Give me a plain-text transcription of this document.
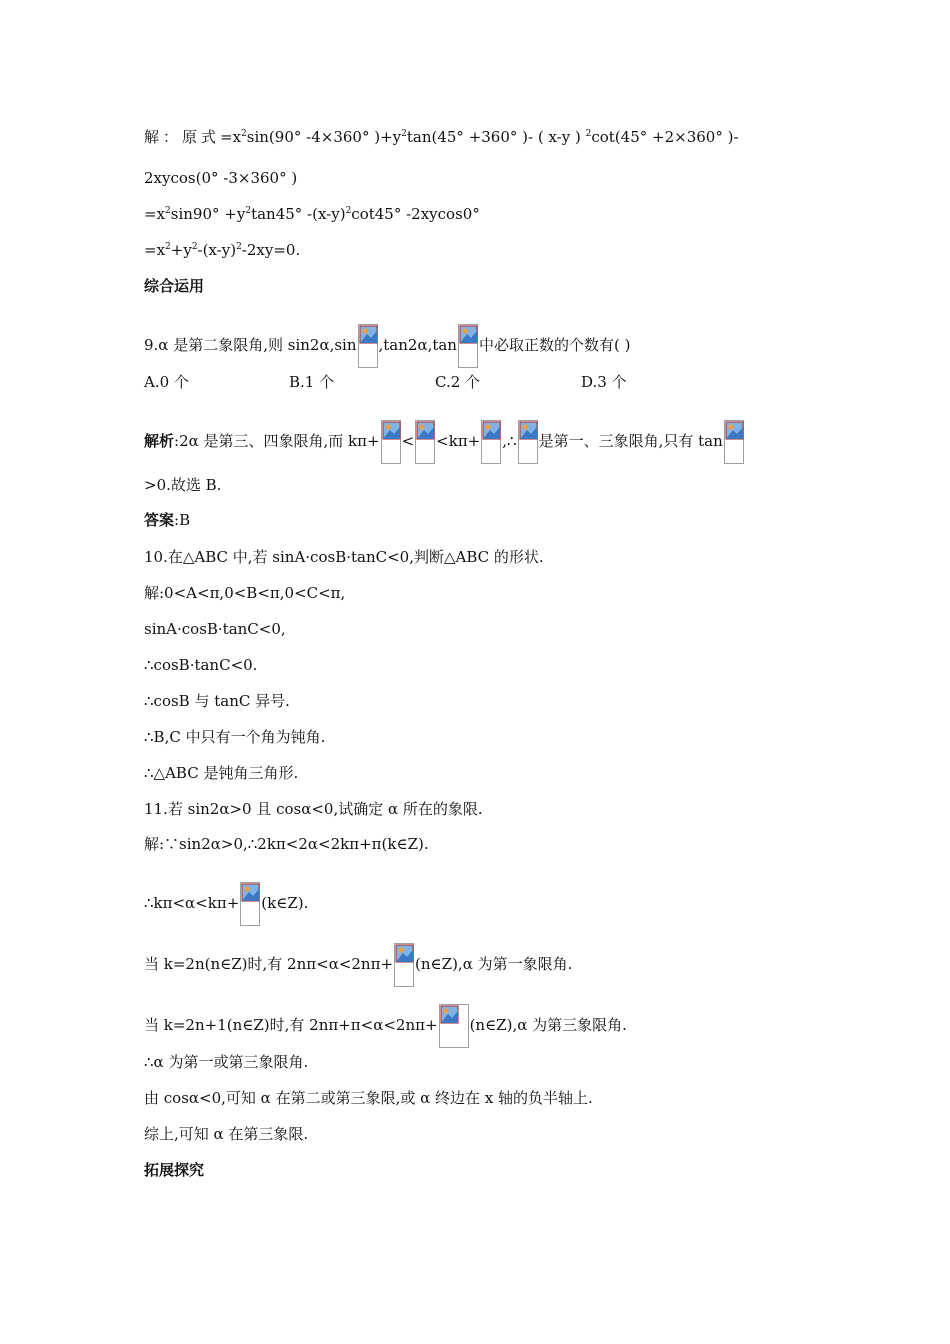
解：原式$=x^2\sin(90^\circ$ -4×360° )$+y^2\tan(45^\circ +360^\circ$ )- ( x-y ) $^2$cot(45° +2×360° )-
2xycos(0° -3×360° )
$=x^2\sin 90^\circ +y^2\tan 45^\circ$ $-(x-y)^2\cot 45^\circ$ -2xycos0°
$=x^2+y^2-(x-y)^2-2xy=0$.
综合运用
9.α 是第二象限角,则 sin2α,sin ,tan2α,tan 中必取正数的个数有( )
A.0 个	B.1 个	C.2 个	D.3 个
解析:2α 是第三、四象限角,而 kπ+ < <kπ+ ,∴ 是第一、三象限角,只有 tan
>0.故选 B.
答案:B
10.在△ABC 中,若 sinA·cosB·tanC<0,判断△ABC 的形状.
解:0<A<π,0<B<π,0<C<π,
sinA·cosB·tanC<0,
∴cosB·tanC<0.
∴cosB 与 tanC 异号.
∴B,C 中只有一个角为钝角.
∴△ABC 是钝角三角形.
11.若 sin2α>0 且 cosα<0,试确定 α 所在的象限.
解:∵sin2α>0,∴2kπ<2α<2kπ+π(k∈Z).
∴kπ<α<kπ+ (k∈Z).
当 k=2n(n∈Z)时,有 2nπ<α<2nπ+ (n∈Z),α 为第一象限角.
当 k=2n+1(n∈Z)时,有 2nπ+π<α<2nπ+ (n∈Z),α 为第三象限角.
∴α 为第一或第三象限角.
由 cosα<0,可知 α 在第二或第三象限,或 α 终边在 x 轴的负半轴上.
综上,可知 α 在第三象限.
拓展探究
